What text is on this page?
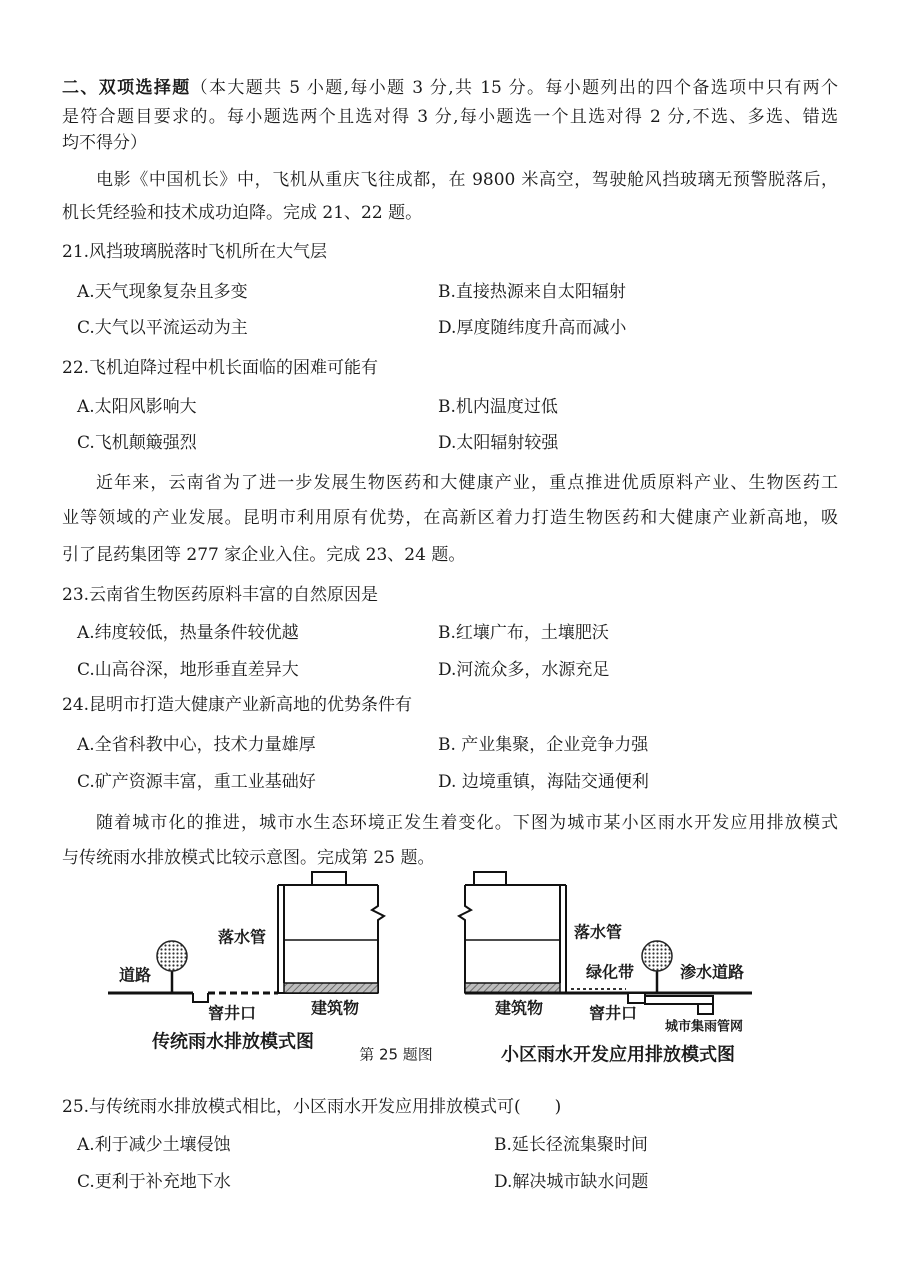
二、双项选择题（本大题共 5 小题,每小题 3 分,共 15 分。每小题列出的四个备选项中只有两个
是符合题目要求的。每小题选两个且选对得 3 分,每小题选一个且选对得 2 分,不选、多选、错选
均不得分）
电影《中国机长》中，飞机从重庆飞往成都，在 9800 米高空，驾驶舱风挡玻璃无预警脱落后，
机长凭经验和技术成功迫降。完成 21、22 题。
21.风挡玻璃脱落时飞机所在大气层
A.天气现象复杂且多变	B.直接热源来自太阳辐射
C.大气以平流运动为主	D.厚度随纬度升高而减小
22.飞机迫降过程中机长面临的困难可能有
A.太阳风影响大	B.机内温度过低
C.飞机颠簸强烈	D.太阳辐射较强
近年来，云南省为了进一步发展生物医药和大健康产业，重点推进优质原料产业、生物医药工
业等领域的产业发展。昆明市利用原有优势，在高新区着力打造生物医药和大健康产业新高地，吸
引了昆药集团等 277 家企业入住。完成 23、24 题。
23.云南省生物医药原料丰富的自然原因是
A.纬度较低，热量条件较优越	B.红壤广布，土壤肥沃
C.山高谷深，地形垂直差异大	D.河流众多，水源充足
24.昆明市打造大健康产业新高地的优势条件有
A.全省科教中心，技术力量雄厚	B. 产业集聚，企业竞争力强
C.矿产资源丰富，重工业基础好	D. 边境重镇，海陆交通便利
随着城市化的推进，城市水生态环境正发生着变化。下图为城市某小区雨水开发应用排放模式
与传统雨水排放模式比较示意图。完成第 25 题。
道路
落水管
窨井口	建筑物
传统雨水排放模式图
第 25 题图
落水管
绿化带	渗水道路
建筑物	窨井口
城市集雨管网
小区雨水开发应用排放模式图
25.与传统雨水排放模式相比，小区雨水开发应用排放模式可(　　)
A.利于减少土壤侵蚀	B.延长径流集聚时间
C.更利于补充地下水	D.解决城市缺水问题
